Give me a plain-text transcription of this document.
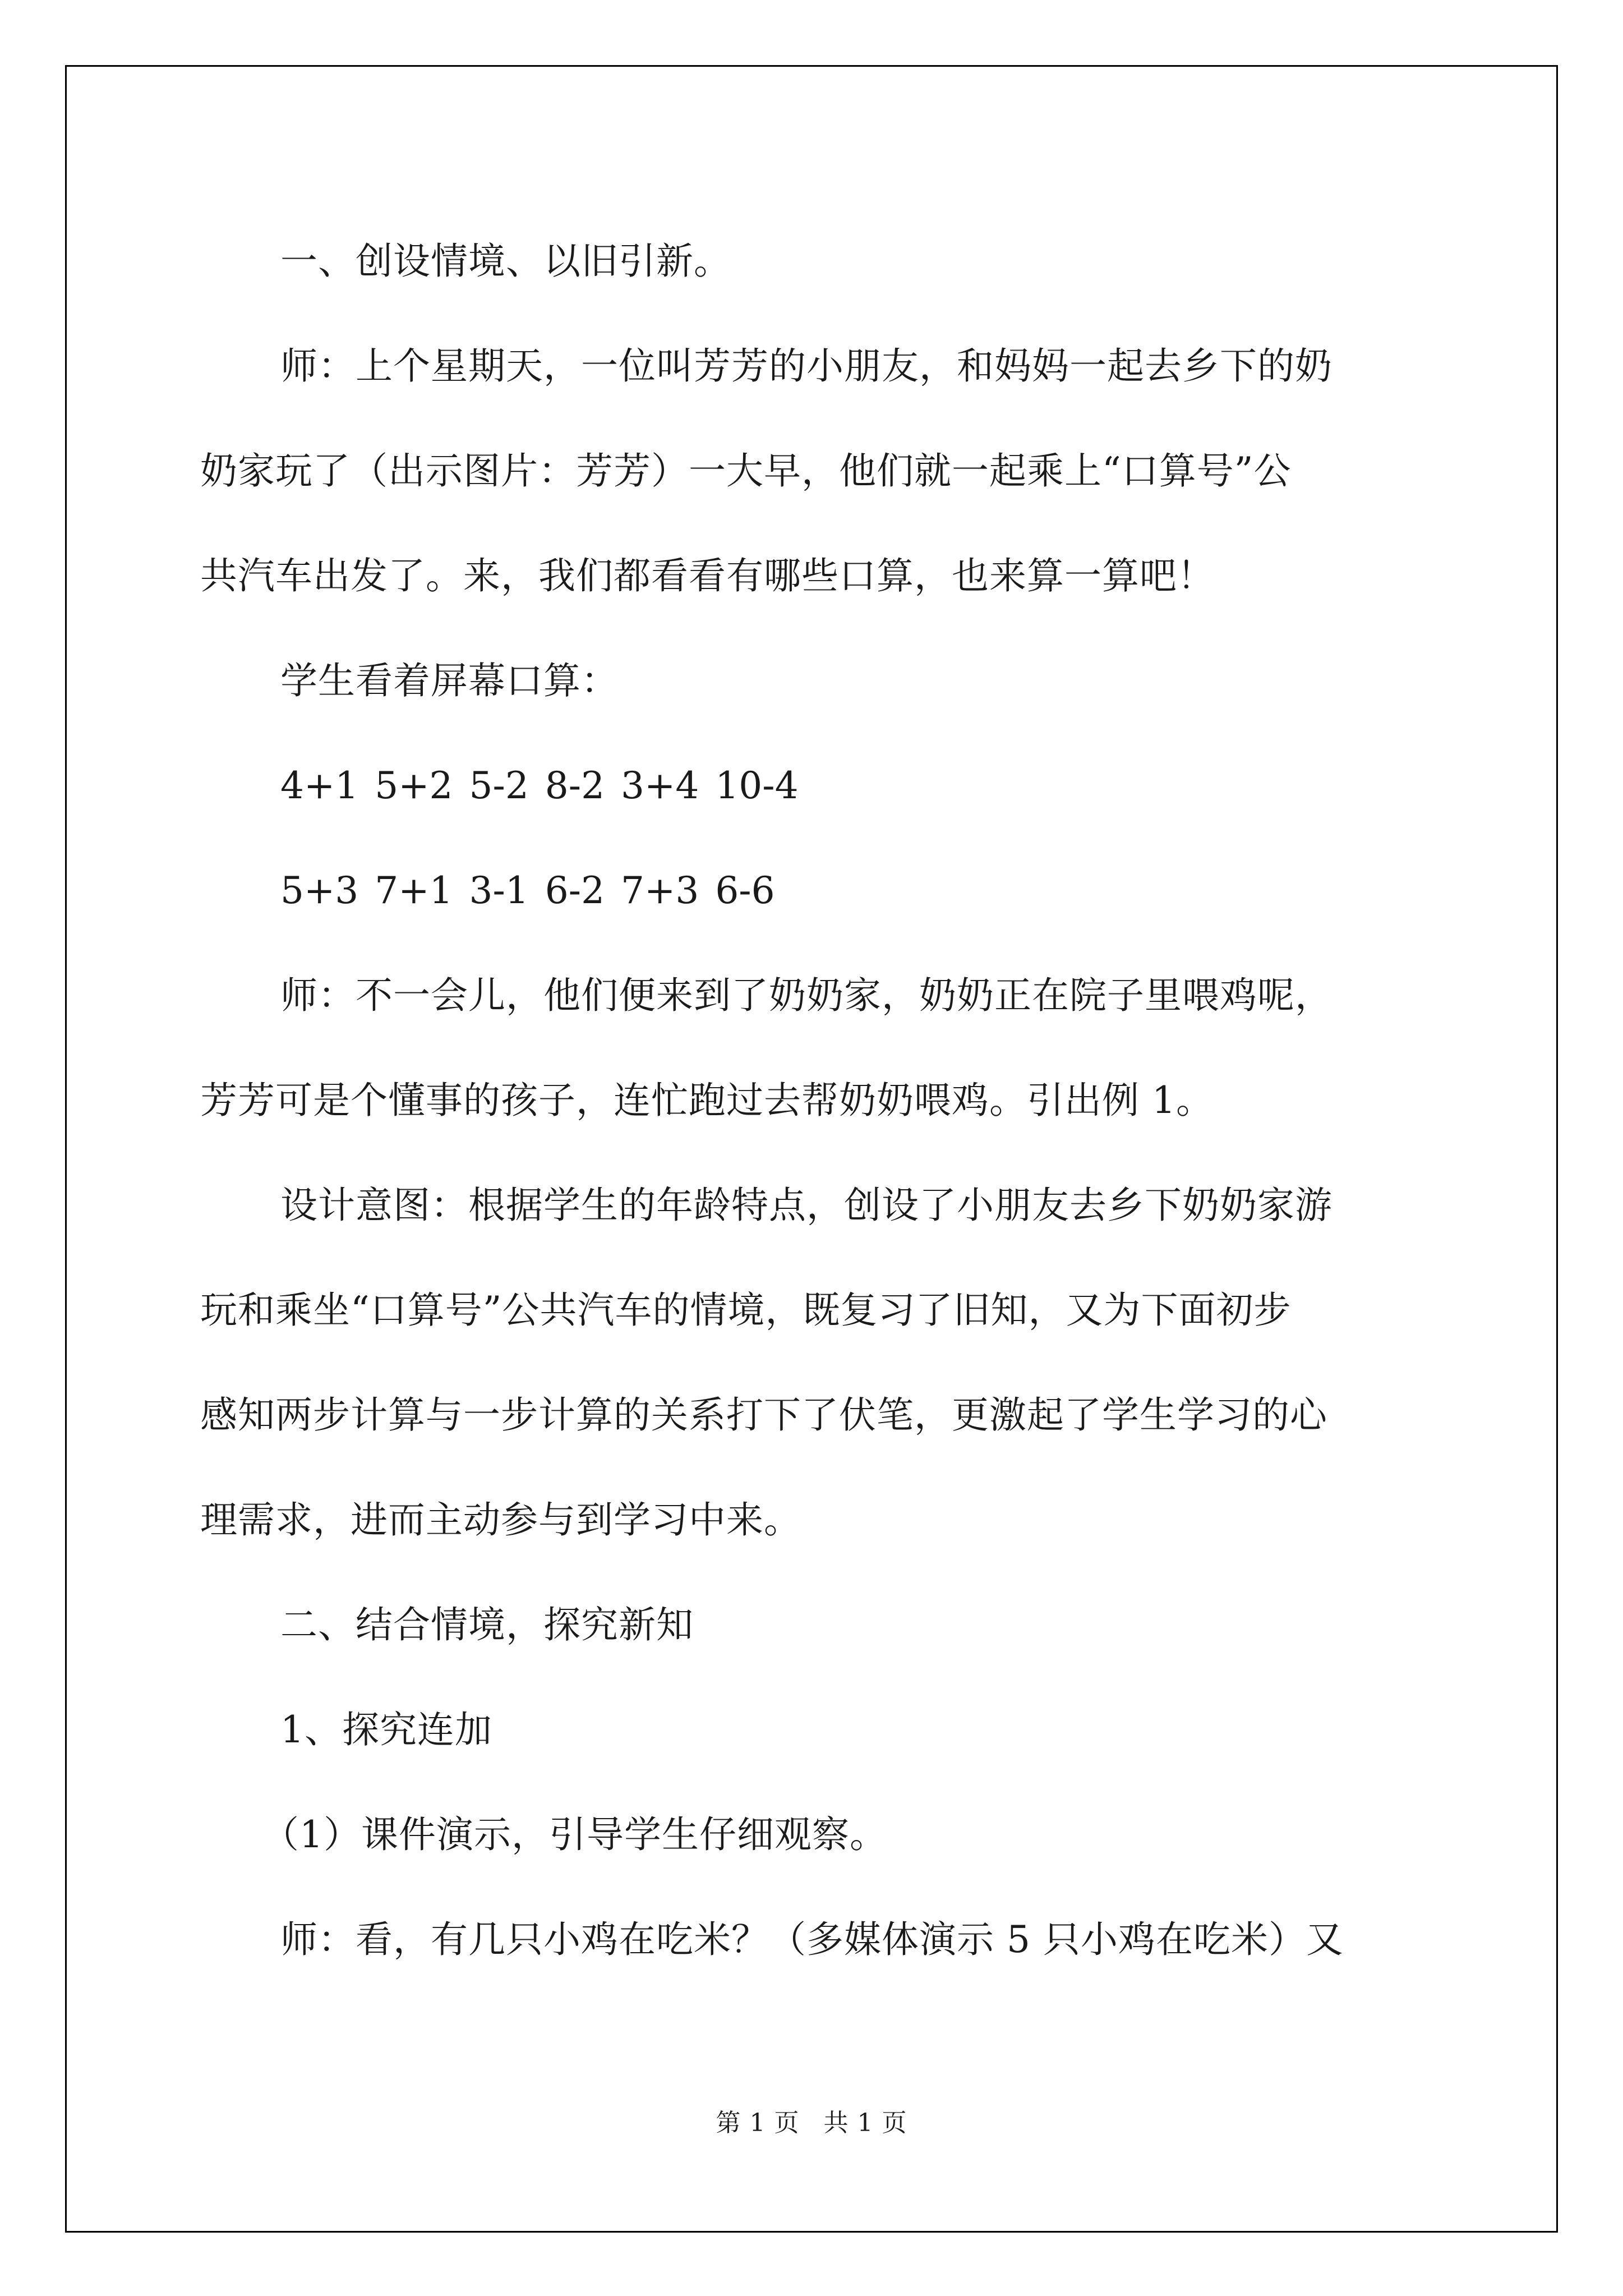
一、创设情境、以旧引新。

师：上个星期天，一位叫芳芳的小朋友，和妈妈一起去乡下的奶
奶家玩了（出示图片：芳芳）一大早，他们就一起乘上“口算号”公
共汽车出发了。来，我们都看看有哪些口算，也来算一算吧！

学生看着屏幕口算：

4+1 5+2 5-2 8-2 3+4 10-4

5+3 7+1 3-1 6-2 7+3 6-6

师：不一会儿，他们便来到了奶奶家，奶奶正在院子里喂鸡呢，
芳芳可是个懂事的孩子，连忙跑过去帮奶奶喂鸡。引出例 1。

设计意图：根据学生的年龄特点，创设了小朋友去乡下奶奶家游
玩和乘坐“口算号”公共汽车的情境，既复习了旧知，又为下面初步
感知两步计算与一步计算的关系打下了伏笔，更激起了学生学习的心
理需求，进而主动参与到学习中来。

二、结合情境，探究新知

1、探究连加

（1）课件演示，引导学生仔细观察。

师：看，有几只小鸡在吃米？（多媒体演示 5 只小鸡在吃米）又

第 1 页 共 1 页
